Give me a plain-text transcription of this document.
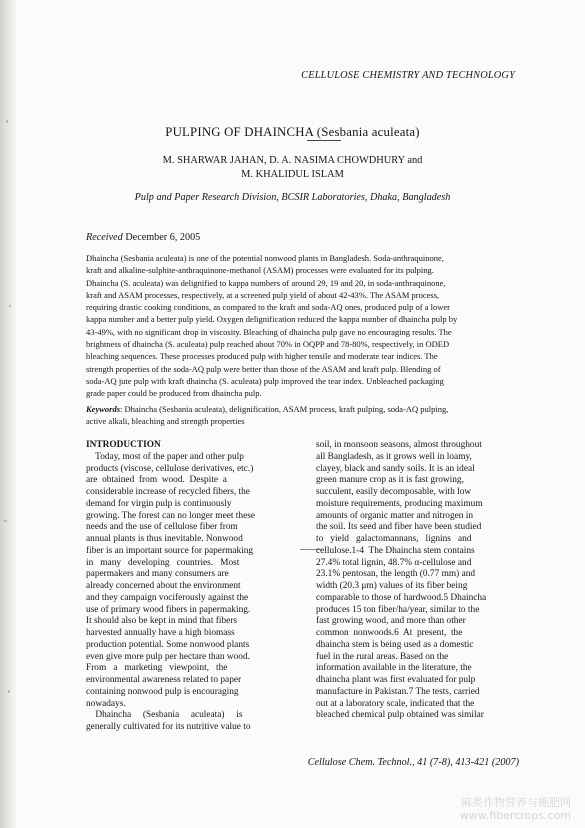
CELLULOSE CHEMISTRY AND TECHNOLOGY
PULPING OF DHAINCHA (Sesbania aculeata)
M. SHARWAR JAHAN, D. A. NASIMA CHOWDHURY and
M. KHALIDUL ISLAM
Pulp and Paper Research Division, BCSIR Laboratories, Dhaka, Bangladesh
Received December 6, 2005
Dhaincha (Sesbania aculeata) is one of the potential nonwood plants in Bangladesh. Soda-anthraquinone,
kraft and alkaline-sulphite-anthraquinone-methanol (ASAM) processes were evaluated for its pulping.
Dhaincha (S. aculeata) was delignified to kappa numbers of around 29, 19 and 20, in soda-anthraquinone,
kraft and ASAM processes, respectively, at a screened pulp yield of about 42-43%. The ASAM process,
requiring drastic cooking conditions, as compared to the kraft and soda-AQ ones, produced pulp of a lower
kappa number and a better pulp yield. Oxygen delignification reduced the kappa number of dhaincha pulp by
43-49%, with no significant drop in viscosity. Bleaching of dhaincha pulp gave no encouraging results. The
brightness of dhaincha (S. aculeata) pulp reached about 70% in OQPP and 78-80%, respectively, in ODED
bleaching sequences. These processes produced pulp with higher tensile and moderate tear indices. The
strength properties of the soda-AQ pulp were better than those of the ASAM and kraft pulp. Blending of
soda-AQ jute pulp with kraft dhaincha (S. aculeata) pulp improved the tear index. Unbleached packaging
grade paper could be produced from dhaincha pulp.
Keywords: Dhaincha (Sesbania aculeata), delignification, ASAM process, kraft pulping, soda-AQ pulping,
active alkali, bleaching and strength properties
INTRODUCTION
Today, most of the paper and other pulp
products (viscose, cellulose derivatives, etc.)
are  obtained  from  wood.  Despite  a
considerable increase of recycled fibers, the
demand for virgin pulp is continuously
growing. The forest can no longer meet these
needs and the use of cellulose fiber from
annual plants is thus inevitable. Nonwood
fiber is an important source for papermaking
in   many   developing   countries.   Most
papermakers and many consumers are
already concerned about the environment
and they campaign vociferously against the
use of primary wood fibers in papermaking.
It should also be kept in mind that fibers
harvested annually have a high biomass
production potential. Some nonwood plants
even give more pulp per hectare than wood.
From   a   marketing   viewpoint,   the
environmental awareness related to paper
containing nonwood pulp is encouraging
nowadays.
Dhaincha     (Sesbania     aculeata)     is
generally cultivated for its nutritive value to
soil, in monsoon seasons, almost throughout
all Bangladesh, as it grows well in loamy,
clayey, black and sandy soils. It is an ideal
green manure crop as it is fast growing,
succulent, easily decomposable, with low
moisture requirements, producing maximum
amounts of organic matter and nitrogen in
the soil. Its seed and fiber have been studied
to   yield   galactomannans,   lignins   and
cellulose.1-4  The Dhaincha stem contains
27.4% total lignin, 48.7% α-cellulose and
23.1% pentosan, the length (0.77 mm) and
width (20.3 μm) values of its fiber being
comparable to those of hardwood.5 Dhaincha
produces 15 ton fiber/ha/year, similar to the
fast growing wood, and more than other
common  nonwoods.6  At  present,  the
dhaincha stem is being used as a domestic
fuel in the rural areas. Based on the
information available in the literature, the
dhaincha plant was first evaluated for pulp
manufacture in Pakistan.7 The tests, carried
out at a laboratory scale, indicated that the
bleached chemical pulp obtained was similar
Cellulose Chem. Technol., 41 (7-8), 413-421 (2007)
麻类作物营养与施肥网
www.fibercrops.com
